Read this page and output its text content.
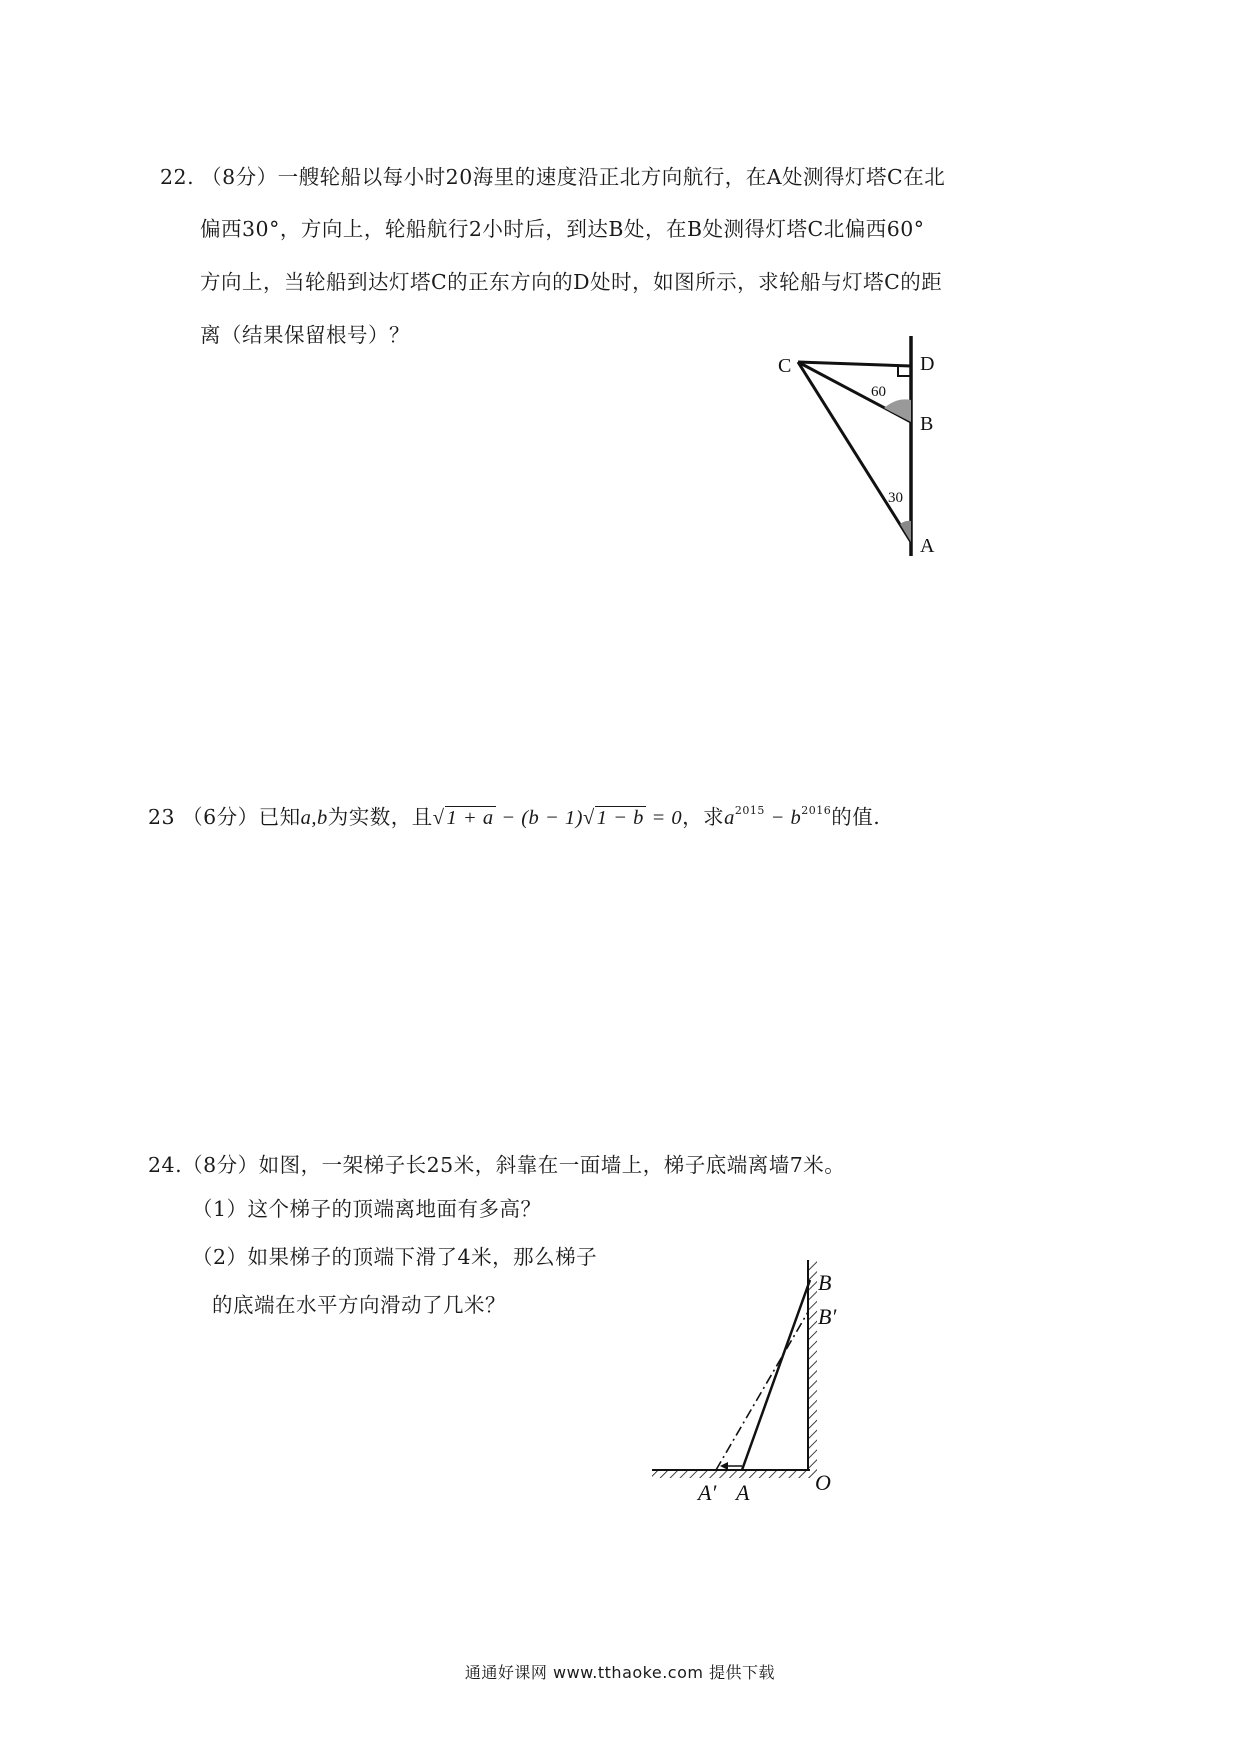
22. （8分）一艘轮船以每小时20海里的速度沿正北方向航行，在A处测得灯塔C在北
偏西30°，方向上，轮船航行2小时后，到达B处，在B处测得灯塔C北偏西60°
方向上，当轮船到达灯塔C的正东方向的D处时，如图所示，求轮船与灯塔C的距
离（结果保留根号）？
C	D
B
A
60
30
23 （6分）已知a,b为实数，且√1 + a − (b − 1)√1 − b = 0，求$a^{2015} - b^{2016}$的值.
24.（8分）如图，一架梯子长25米，斜靠在一面墙上，梯子底端离墙7米。
（1）这个梯子的顶端离地面有多高？
（2）如果梯子的顶端下滑了4米，那么梯子
的底端在水平方向滑动了几米？
B
B′
O
A
A′
通通好课网 www.tthaoke.com 提供下载
